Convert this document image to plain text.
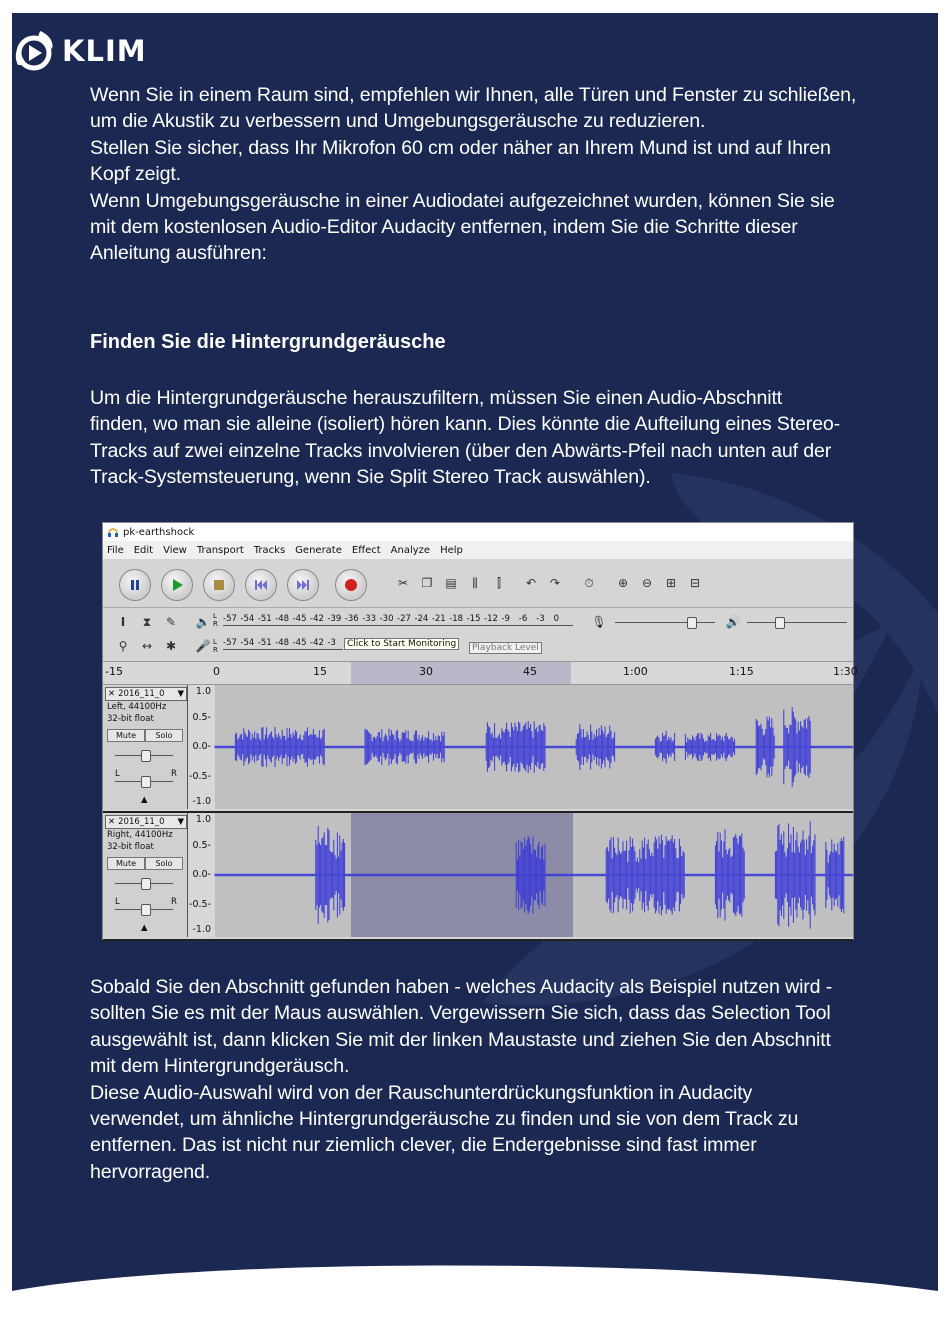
KLIM

Wenn Sie in einem Raum sind, empfehlen wir Ihnen, alle Türen und Fenster zu schließen,
um die Akustik zu verbessern und Umgebungsgeräusche zu reduzieren.
Stellen Sie sicher, dass Ihr Mikrofon 60 cm oder näher an Ihrem Mund ist und auf Ihren
Kopf zeigt.
Wenn Umgebungsgeräusche in einer Audiodatei aufgezeichnet wurden, können Sie sie
mit dem kostenlosen Audio-Editor Audacity entfernen, indem Sie die Schritte dieser
Anleitung ausführen:

Finden Sie die Hintergrundgeräusche

Um die Hintergrundgeräusche herauszufiltern, müssen Sie einen Audio-Abschnitt
finden, wo man sie alleine (isoliert) hören kann. Dies könnte die Aufteilung eines Stereo-
Tracks auf zwei einzelne Tracks involvieren (über den Abwärts-Pfeil nach unten auf der
Track-Systemsteuerung, wenn Sie Split Stereo Track auswählen).

pk-earthshock
File Edit View Transport Tracks Generate Effect Analyze Help
✂	❐	▤	⫼	⫿	↶	↷	⏱	⊕	⊖	⊞	⊟
I	⧗	✎
⚲	↔	✱
🔈
🎤
L
R
L
R
-57 -54 -51 -48 -45 -42 -39 -36 -33 -30 -27 -24 -21 -18 -15 -12 -9 -6 -3 0
-57 -54 -51 -48 -45 -42 -3	Click to Start Monitoring	Playback Level
🎙	🔊
-15	0	15	30	45	1:00	1:15	1:30
✕ 2016_11_0 ▼
Left, 44100Hz
32-bit float
Mute	Solo
L	R
▲
1.0
0.5-
0.0-
-0.5-
-1.0
✕ 2016_11_0 ▼
Right, 44100Hz
32-bit float
Mute	Solo
L	R
▲
1.0
0.5-
0.0-
-0.5-
-1.0

Sobald Sie den Abschnitt gefunden haben - welches Audacity als Beispiel nutzen wird -
sollten Sie es mit der Maus auswählen. Vergewissern Sie sich, dass das Selection Tool
ausgewählt ist, dann klicken Sie mit der linken Maustaste und ziehen Sie den Abschnitt
mit dem Hintergrundgeräusch.
Diese Audio-Auswahl wird von der Rauschunterdrückungsfunktion in Audacity
verwendet, um ähnliche Hintergrundgeräusche zu finden und sie von dem Track zu
entfernen. Das ist nicht nur ziemlich clever, die Endergebnisse sind fast immer
hervorragend.
